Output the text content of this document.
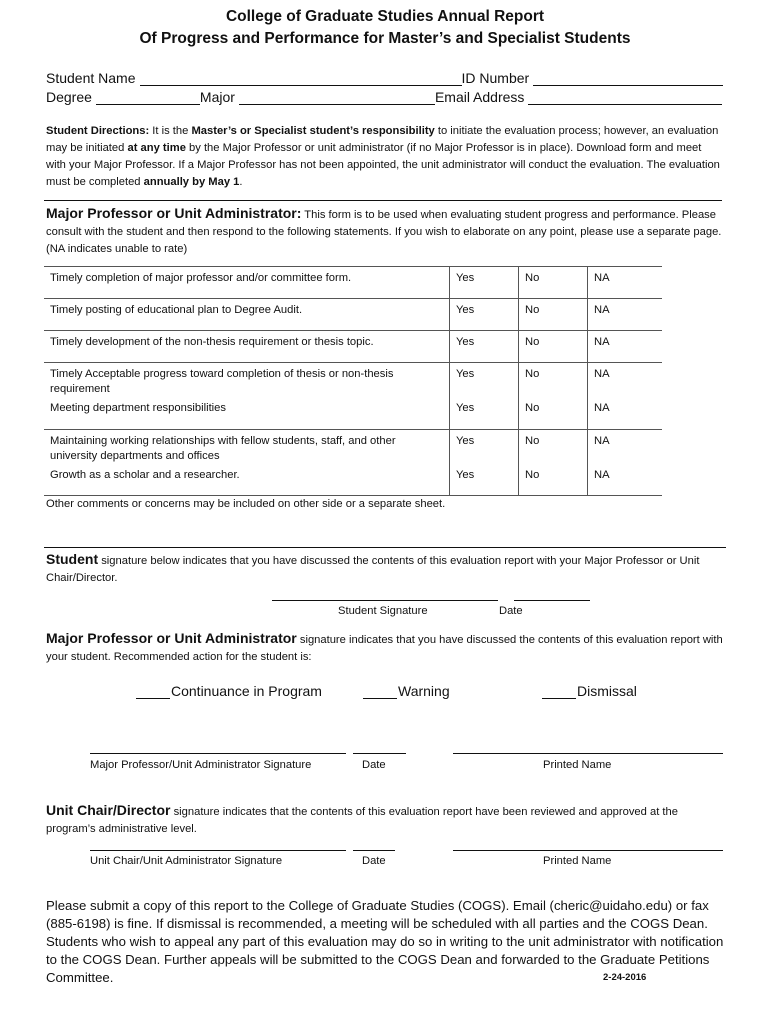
College of Graduate Studies Annual Report
Of Progress and Performance for Master’s and Specialist Students
Student Name	ID Number
Degree	Major	Email Address
Student Directions: It is the Master’s or Specialist student’s responsibility to initiate the evaluation process; however, an evaluation may be initiated at any time by the Major Professor or unit administrator (if no Major Professor is in place). Download form and meet with your Major Professor. If a Major Professor has not been appointed, the unit administrator will conduct the evaluation. The evaluation must be completed annually by May 1.
Major Professor or Unit Administrator: This form is to be used when evaluating student progress and performance. Please consult with the student and then respond to the following statements. If you wish to elaborate on any point, please use a separate page. (NA indicates unable to rate)
Timely completion of major professor and/or committee form.	Yes	No	NA
Timely posting of educational plan to Degree Audit.	Yes	No	NA
Timely development of the non-thesis requirement or thesis topic.	Yes	No	NA
Timely Acceptable progress toward completion of thesis or non-thesis requirement	Yes	No	NA
Meeting department responsibilities	Yes	No	NA
Maintaining working relationships with fellow students, staff, and other university departments and offices	Yes	No	NA
Growth as a scholar and a researcher.	Yes	No	NA
Other comments or concerns may be included on other side or a separate sheet.
Student signature below indicates that you have discussed the contents of this evaluation report with your Major Professor or Unit Chair/Director.
Student Signature	Date
Major Professor or Unit Administrator signature indicates that you have discussed the contents of this evaluation report with your student. Recommended action for the student is:
Continuance in Program	Warning	Dismissal
Major Professor/Unit Administrator Signature	Date	Printed Name
Unit Chair/Director signature indicates that the contents of this evaluation report have been reviewed and approved at the program’s administrative level.
Unit Chair/Unit Administrator Signature	Date	Printed Name
Please submit a copy of this report to the College of Graduate Studies (COGS). Email (cheric@uidaho.edu) or fax (885-6198) is fine. If dismissal is recommended, a meeting will be scheduled with all parties and the COGS Dean. Students who wish to appeal any part of this evaluation may do so in writing to the unit administrator with notification to the COGS Dean. Further appeals will be submitted to the COGS Dean and forwarded to the Graduate Petitions Committee.	2-24-2016
